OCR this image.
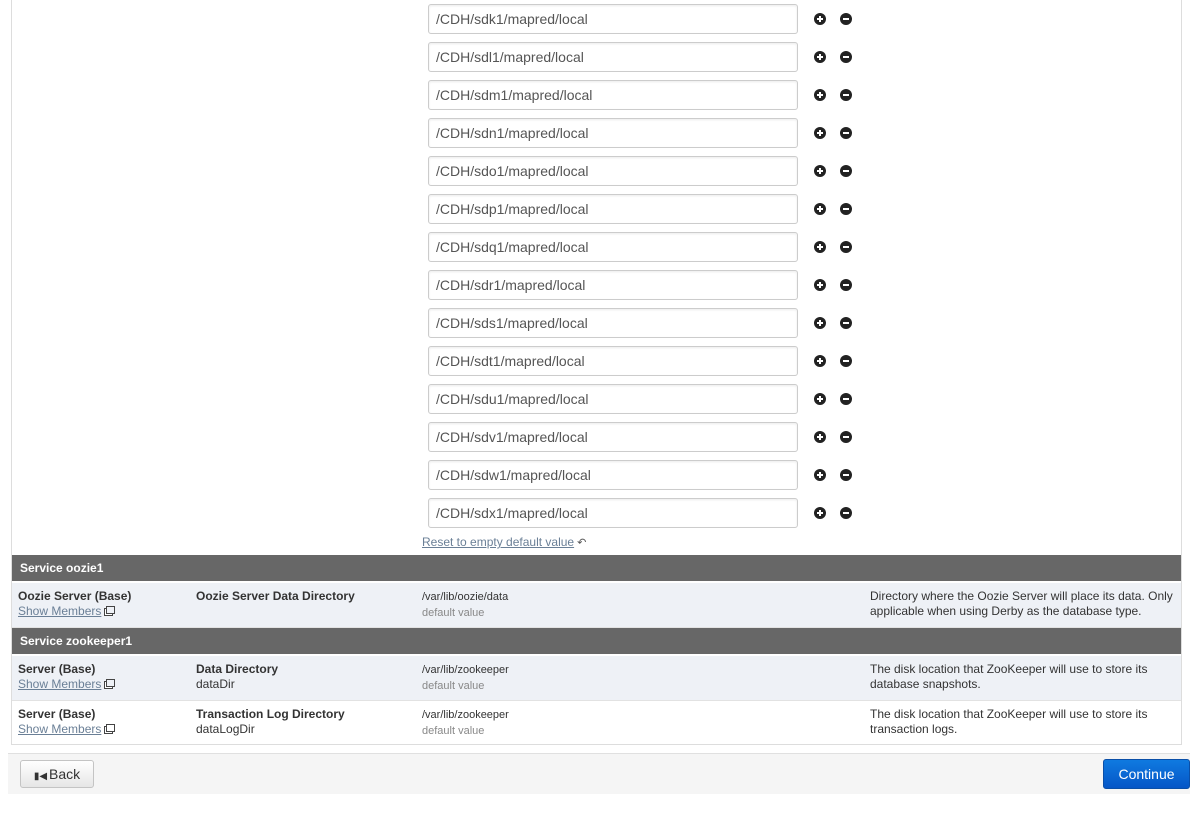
/CDH/sdk1/mapred/local
/CDH/sdl1/mapred/local
/CDH/sdm1/mapred/local
/CDH/sdn1/mapred/local
/CDH/sdo1/mapred/local
/CDH/sdp1/mapred/local
/CDH/sdq1/mapred/local
/CDH/sdr1/mapred/local
/CDH/sds1/mapred/local
/CDH/sdt1/mapred/local
/CDH/sdu1/mapred/local
/CDH/sdv1/mapred/local
/CDH/sdw1/mapred/local
/CDH/sdx1/mapred/local
Reset to empty default value ↶
Service oozie1
Oozie Server (Base)
Show Members
Oozie Server Data Directory	/var/lib/oozie/data
default value
Directory where the Oozie Server will place its data. Only applicable when using Derby as the database type.
Service zookeeper1
Server (Base)
Show Members
Data Directory
dataDir
/var/lib/zookeeper
default value
The disk location that ZooKeeper will use to store its database snapshots.
Server (Base)
Show Members
Transaction Log Directory
dataLogDir
/var/lib/zookeeper
default value
The disk location that ZooKeeper will use to store its transaction logs.
▮◀ Back	Continue
